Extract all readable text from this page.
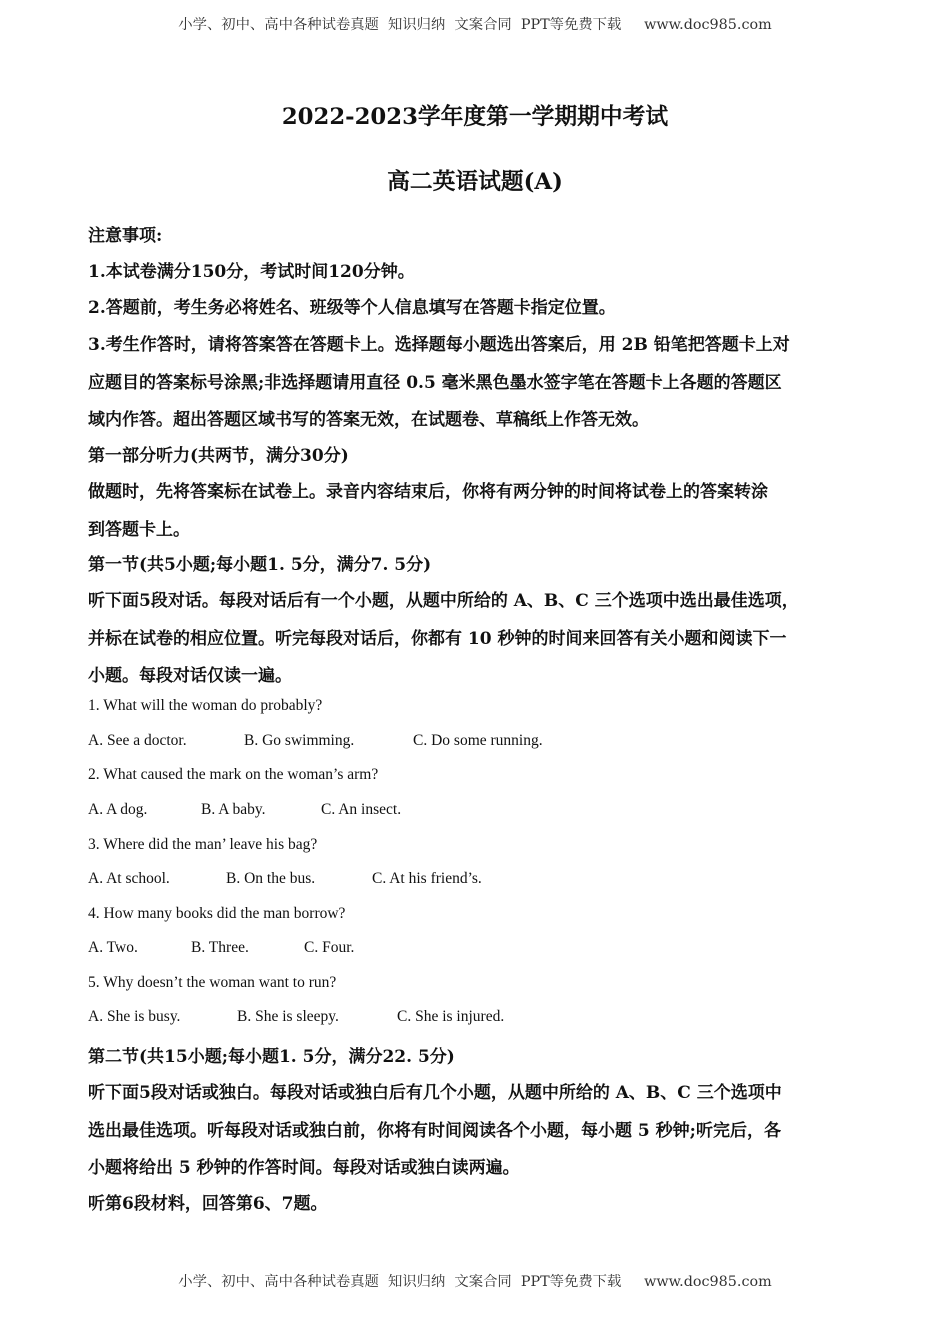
小学、初中、高中各种试卷真题  知识归纳  文案合同  PPT等免费下载     www.doc985.com
2022-2023学年度第一学期期中考试
高二英语试题(A)
注意事项:
1.本试卷满分150分，考试时间120分钟。
2.答题前，考生务必将姓名、班级等个人信息填写在答题卡指定位置。
3.考生作答时，请将答案答在答题卡上。选择题每小题选出答案后，用 2B 铅笔把答题卡上对
应题目的答案标号涂黑;非选择题请用直径 0.5 毫米黑色墨水签字笔在答题卡上各题的答题区
域内作答。超出答题区域书写的答案无效，在试题卷、草稿纸上作答无效。
第一部分听力(共两节，满分30分)
做题时，先将答案标在试卷上。录音内容结束后，你将有两分钟的时间将试卷上的答案转涂
到答题卡上。
第一节(共5小题;每小题1. 5分，满分7. 5分)
听下面5段对话。每段对话后有一个小题，从题中所给的 A、B、C 三个选项中选出最佳选项，
并标在试卷的相应位置。听完每段对话后，你都有 10 秒钟的时间来回答有关小题和阅读下一
小题。每段对话仅读一遍。
1. What will the woman do probably?
A. See a doctor.	B. Go swimming.	C. Do some running.
2. What caused the mark on the woman’s arm?
A. A dog.	B. A baby.	C. An insect.
3. Where did the man’ leave his bag?
A. At school.	B. On the bus.	C. At his friend’s.
4. How many books did the man borrow?
A. Two.	B. Three.	C. Four.
5. Why doesn’t the woman want to run?
A. She is busy.	B. She is sleepy.	C. She is injured.
第二节(共15小题;每小题1. 5分，满分22. 5分)
听下面5段对话或独白。每段对话或独白后有几个小题，从题中所给的 A、B、C 三个选项中
选出最佳选项。听每段对话或独白前，你将有时间阅读各个小题，每小题 5 秒钟;听完后，各
小题将给出 5 秒钟的作答时间。每段对话或独白读两遍。
听第6段材料，回答第6、7题。
小学、初中、高中各种试卷真题  知识归纳  文案合同  PPT等免费下载     www.doc985.com
